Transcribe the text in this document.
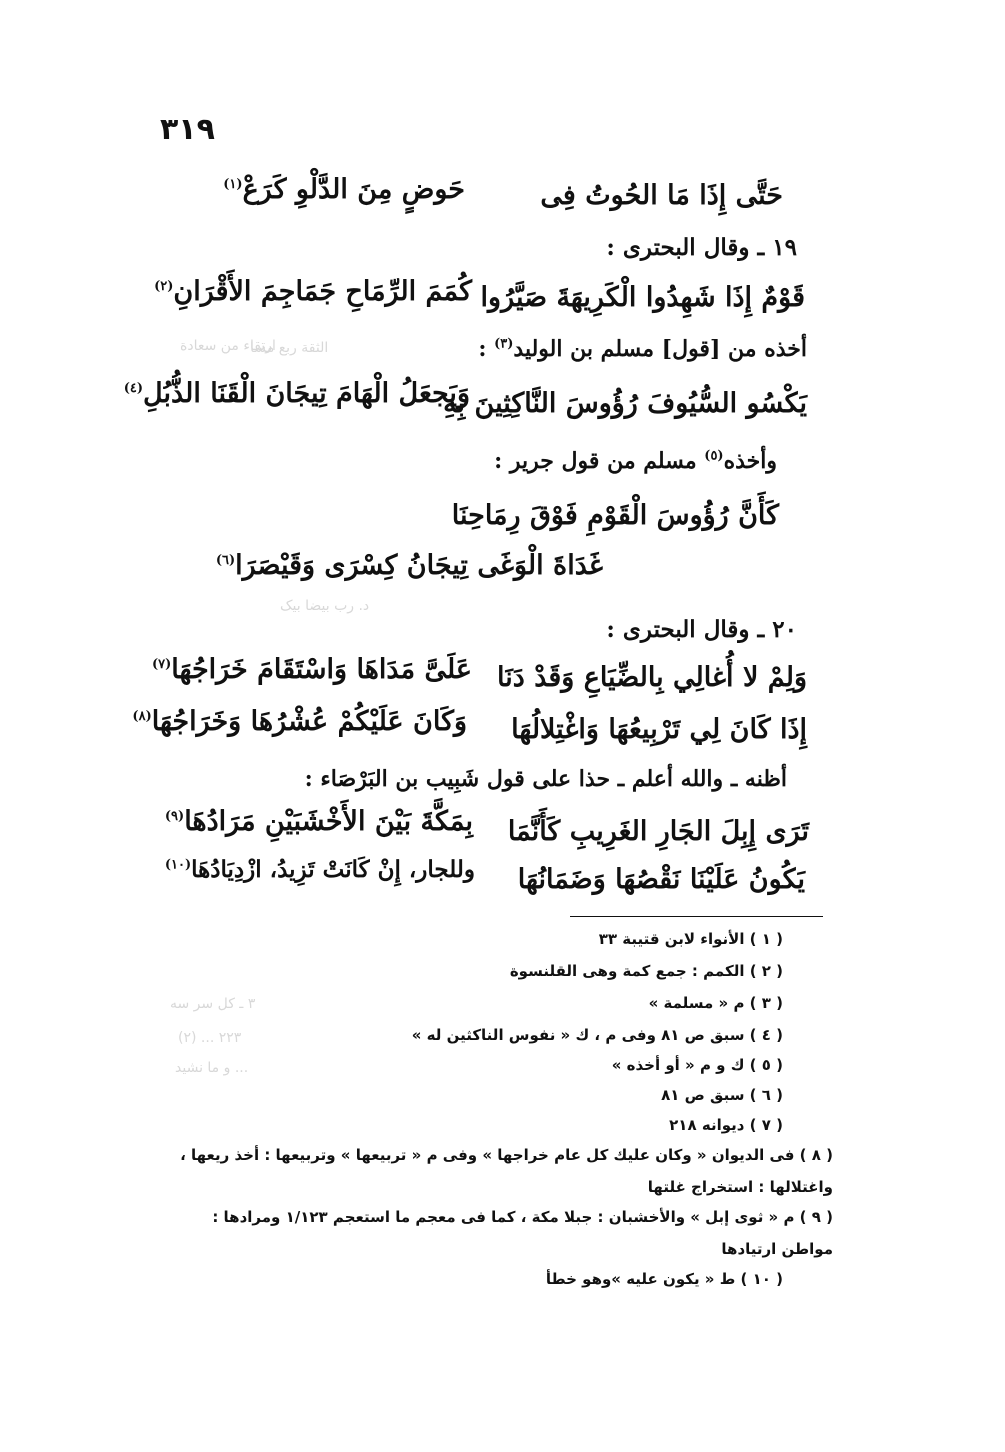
٣١٩
ارتقاء من سعادة
الثقة ربع مسا
د. رب بیضا بیک
٣ ـ كل سر سه
٢٢٣ ... (٢)
و ما نشید ...
حَتَّى إِذَا مَا الحُوتُ فِى
حَوضٍ مِنَ الدَّلْوِ كَرَعْ$^{(١)}$
١٩ ـ وقال البحترى :
قَوْمٌ إِذَا شَهِدُوا الْكَرِيهَةَ صَيَّرُوا
كُمَمَ الرِّمَاحِ جَمَاجِمَ الأَقْرَانِ$^{(٢)}$
أخذه من [قول] مسلم بن الوليد$^{(٣)}$ :
يَكْسُو السُّيُوفَ رُؤُوسَ النَّاكِثِينَ بِهِ
وَيَجعَلُ الْهَامَ تِيجَانَ الْقَنَا الذُّبُلِ$^{(٤)}$
وأخذه$^{(٥)}$ مسلم من قول جرير :
كَأَنَّ رُؤُوسَ الْقَوْمِ فَوْقَ رِمَاحِنَا
غَدَاةَ الْوَغَى تِيجَانُ كِسْرَى وَقَيْصَرَا$^{(٦)}$
٢٠ ـ وقال البحترى :
وَلِمْ لا أُغالِي بِالضِّيَاعِ وَقَدْ دَنَا
عَلَىَّ مَدَاهَا وَاسْتَقَامَ خَرَاجُهَا$^{(٧)}$
إِذَا كَانَ لِي تَرْبِيعُهَا وَاغْتِلالُهَا
وَكَانَ عَلَيْكُمْ عُشْرُهَا وَخَرَاجُهَا$^{(٨)}$
أظنه ـ والله أعلم ـ حذا على قول شَبِيب بن البَرْصَاء :
تَرَى إِبِلَ الجَارِ الغَرِيبِ كَأَنَّمَا
بِمَكَّةَ بَيْنَ الأَخْشَبَيْنِ مَرَادُهَا$^{(٩)}$
يَكُونُ عَلَيْنَا نَقْصُهَا وَضَمَانُهَا
وللجار، إِنْ كَانَتْ تَزِيدُ، ازْدِيَادُهَا$^{(١٠)}$
( ١ ) الأنواء لابن قتيبة ٣٣
( ٢ ) الكمم : جمع كمة وهى القلنسوة
( ٣ ) م « مسلمة »
( ٤ ) سبق ص ٨١ وفى م ، ك « نفوس الناكثين له »
( ٥ ) ك و م « أو أخذه »
( ٦ ) سبق ص ٨١
( ٧ ) ديوانه ٢١٨
( ٨ ) فى الديوان « وكان عليك كل عام خراجها » وفى م « تربيعها » وتربيعها : أخذ ريعها ،
واغتلالها : استخراج غلتها
( ٩ ) م « ثوى إبل » والأخشبان : جبلا مكة ، كما فى معجم ما استعجم ١/١٢٣ ومرادها :
مواطن ارتيادها
( ١٠ ) ط « يكون عليه »وهو خطأ
